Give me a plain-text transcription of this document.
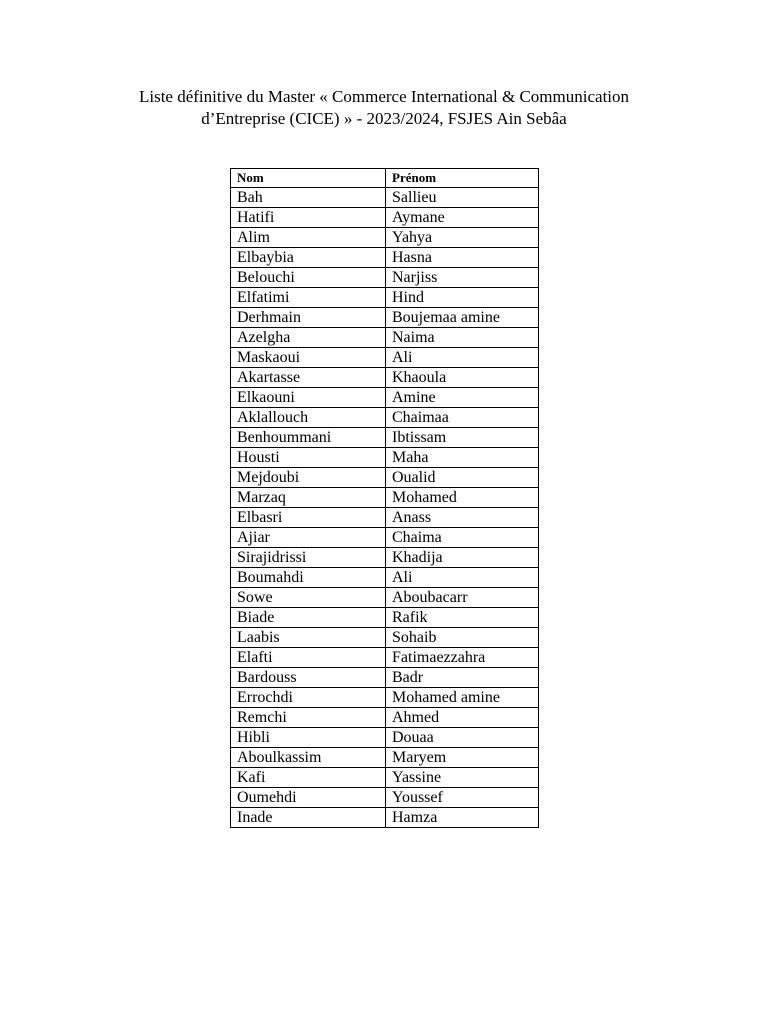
Liste définitive du Master « Commerce International & Communication
d’Entreprise (CICE) » - 2023/2024, FSJES Ain Sebâa
Nom	Prénom
Bah	Sallieu
Hatifi	Aymane
Alim	Yahya
Elbaybia	Hasna
Belouchi	Narjiss
Elfatimi	Hind
Derhmain	Boujemaa amine
Azelgha	Naima
Maskaoui	Ali
Akartasse	Khaoula
Elkaouni	Amine
Aklallouch	Chaimaa
Benhoummani	Ibtissam
Housti	Maha
Mejdoubi	Oualid
Marzaq	Mohamed
Elbasri	Anass
Ajiar	Chaima
Sirajidrissi	Khadija
Boumahdi	Ali
Sowe	Aboubacarr
Biade	Rafik
Laabis	Sohaib
Elafti	Fatimaezzahra
Bardouss	Badr
Errochdi	Mohamed amine
Remchi	Ahmed
Hibli	Douaa
Aboulkassim	Maryem
Kafi	Yassine
Oumehdi	Youssef
Inade	Hamza
